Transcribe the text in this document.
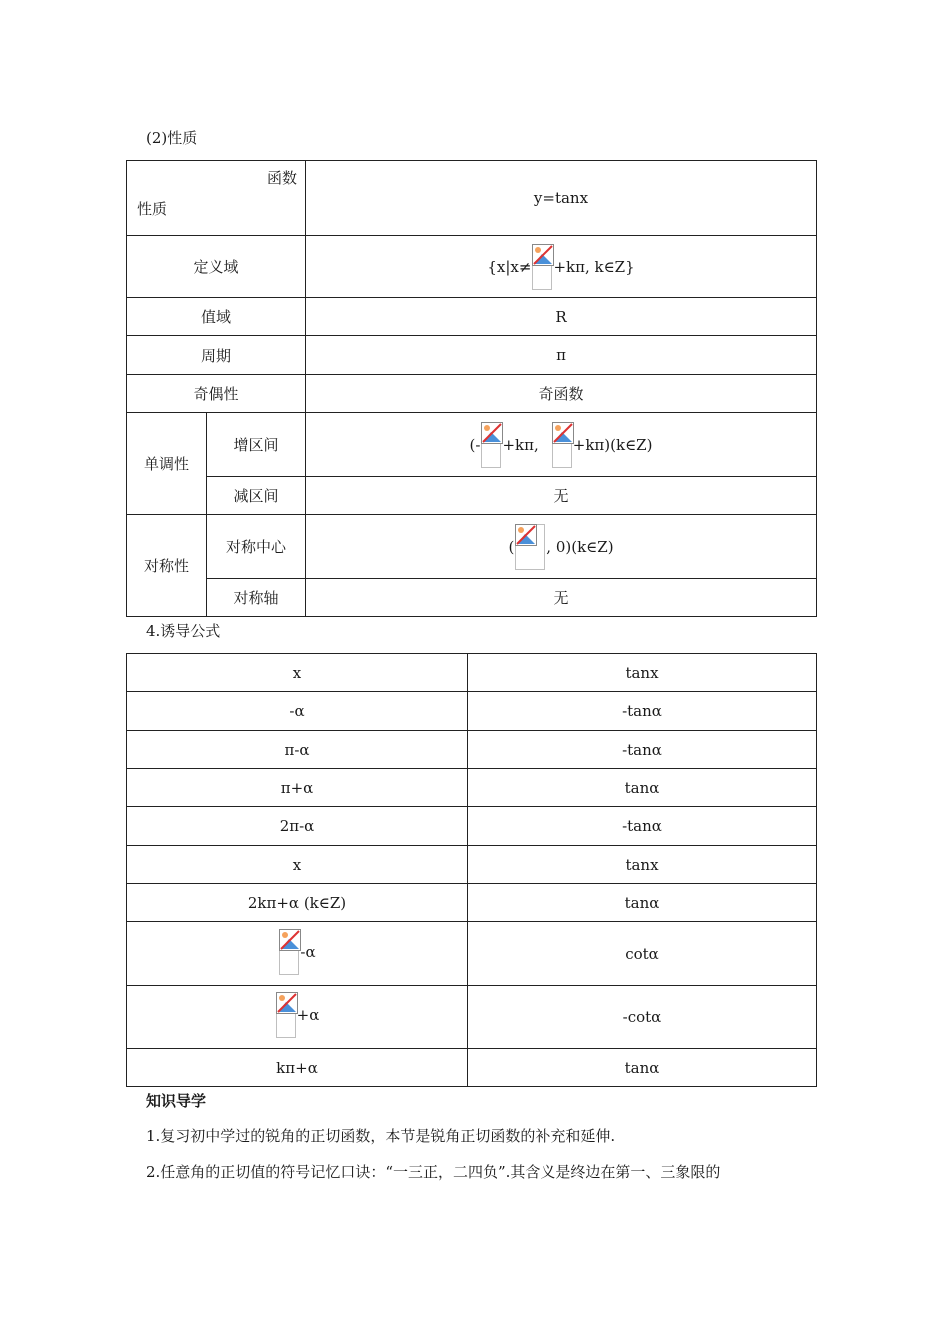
(2)性质
函数
性质		y=tanx
定义域		{x|x≠ +kπ, k∈Z}

值域		R
周期		π
奇偶性		奇函数
单调性	增区间	(- +kπ, +kπ)(k∈Z)

	减区间	无
对称性	对称中心	( , 0)(k∈Z)

	对称轴	无
4.诱导公式
x	tanx
-α	-tanα
π-α	-tanα
π+α	tanα
2π-α	-tanα
x	tanx
2kπ+α (k∈Z)	tanα

-α	cotα

+α	-cotα
kπ+α	tanα
知识导学
1.复习初中学过的锐角的正切函数，本节是锐角正切函数的补充和延伸.
2.任意角的正切值的符号记忆口诀：“一三正，二四负”.其含义是终边在第一、三象限的
